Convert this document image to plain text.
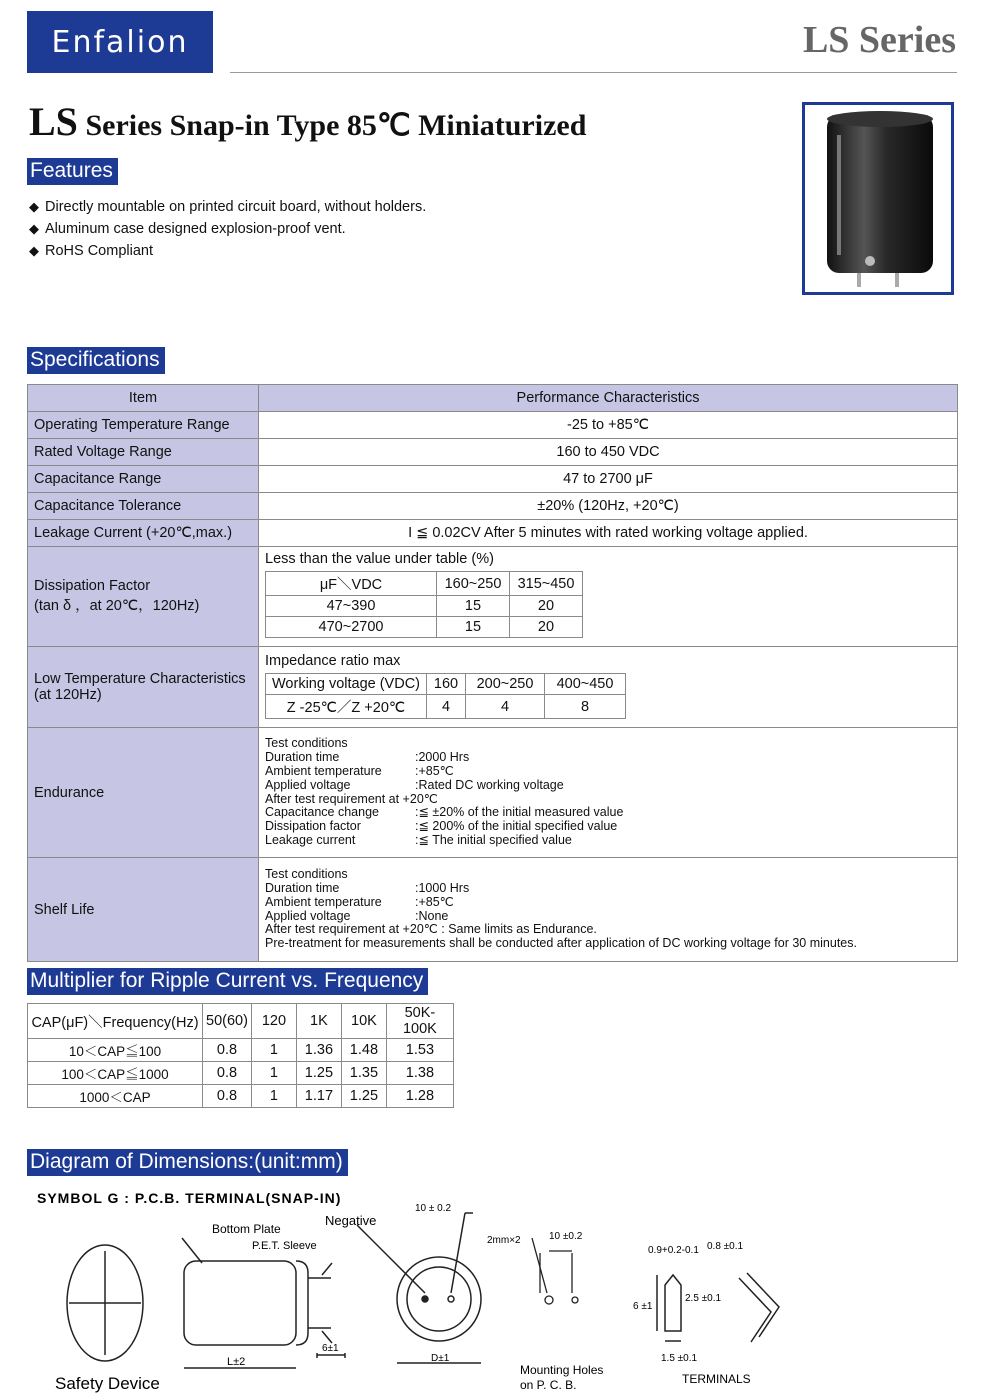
Enfalion	LS Series
LS Series Snap-in Type 85℃ Miniaturized
Features
◆ Directly mountable on printed circuit board, without holders.
◆ Aluminum case designed explosion-proof vent.
◆ RoHS Compliant
Specifications
Item	Performance Characteristics
Operating Temperature Range	-25 to +85℃
Rated Voltage Range	160 to 450 VDC
Capacitance Range	47 to 2700 μF
Capacitance Tolerance	±20% (120Hz, +20℃)
Leakage Current (+20℃,max.)	I ≦ 0.02CV After 5 minutes with rated working voltage applied.

Dissipation Factor
(tan δ ，at 20℃，120Hz)

Less than the value under table (%)
μF＼VDC	160~250	315~450
47~390	15	20
470~2700	15	20

Low Temperature Characteristics
(at 120Hz)

Impedance ratio max
Working voltage (VDC)	160	200~250	400~450
Z -25℃／Z +20℃	4	4	8

Endurance	
Test conditions
Duration time	:2000 Hrs
Ambient temperature	:+85℃
Applied voltage	:Rated DC working voltage
After test requirement at +20℃
Capacitance change	:≦ ±20% of the initial measured value
Dissipation factor	:≦ 200% of the initial specified value
Leakage current	:≦ The initial specified value

Shelf Life	
Test conditions
Duration time	:1000 Hrs
Ambient temperature	:+85℃
Applied voltage	:None
After test requirement at +20℃ : Same limits as Endurance.
Pre-treatment for measurements shall be conducted after application of DC working voltage for 30 minutes.
Multiplier for Ripple Current vs. Frequency
CAP(μF)＼Frequency(Hz)	50(60)	120	1K	10K	50K-100K
10＜CAP≦100	0.8	1	1.36	1.48	1.53
100＜CAP≦1000	0.8	1	1.25	1.35	1.38
1000＜CAP	0.8	1	1.17	1.25	1.28
Diagram of Dimensions:(unit:mm)
SYMBOL G : P.C.B. TERMINAL(SNAP-IN)
Safety Device
Bottom Plate
P.E.T. Sleeve
L±2
6±1
Negative
10 ± 0.2
D±1
2mm×2	10 ±0.2
Mounting Holes
on P. C. B.
0.9+0.2-0.1 0.8 ±0.1
6 ±1
2.5 ±0.1
1.5 ±0.1
TERMINALS
